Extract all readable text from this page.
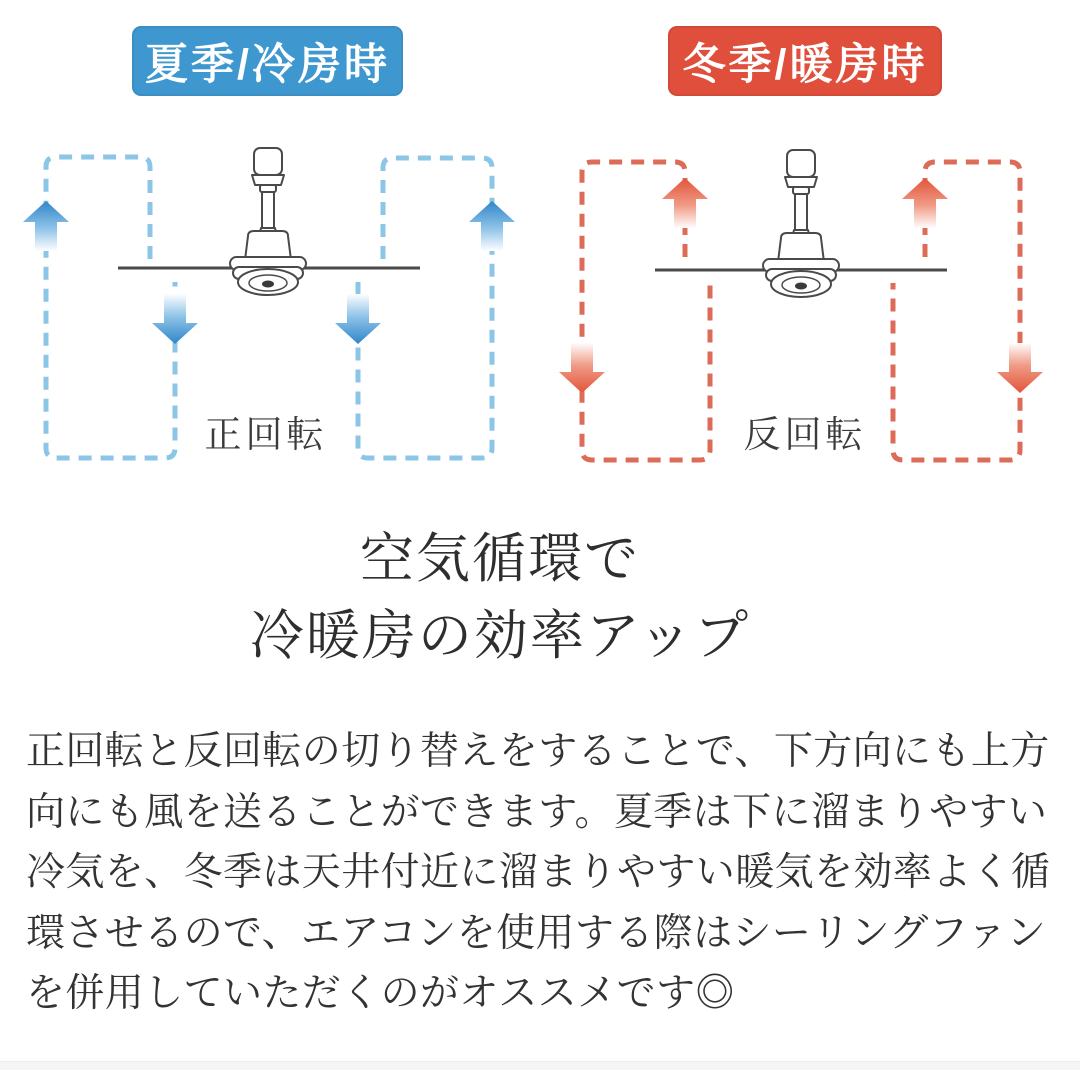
夏季/冷房時	冬季/暖房時
正回転	反回転
空気循環で
冷暖房の効率アップ
正回転と反回転の切り替えをすることで、下方向にも上方
向にも風を送ることができます。夏季は下に溜まりやすい
冷気を、冬季は天井付近に溜まりやすい暖気を効率よく循
環させるので、エアコンを使用する際はシーリングファン
を併用していただくのがオススメです◎
